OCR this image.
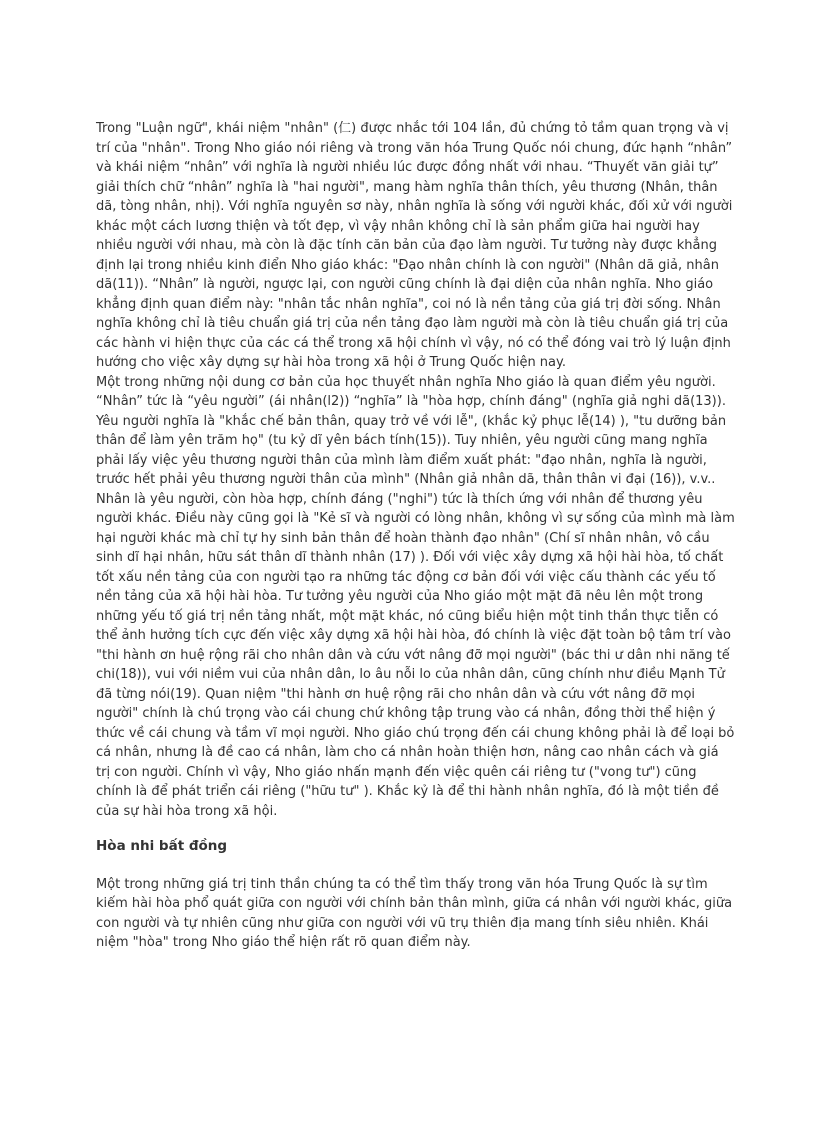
Trong "Luận ngữ", khái niệm "nhân" (仁) được nhắc tới 104 lần, đủ chứng tỏ tầm quan trọng và vị trí của "nhân". Trong Nho giáo nói riêng và trong văn hóa Trung Quốc nói chung, đức hạnh “nhân” và khái niệm “nhân” với nghĩa là người nhiều lúc được đồng nhất với nhau. “Thuyết văn giải tự” giải thích chữ “nhân” nghĩa là "hai người", mang hàm nghĩa thân thích, yêu thương (Nhân, thân dã, tòng nhân, nhị). Với nghĩa nguyên sơ này, nhân nghĩa là sống với người khác, đối xử với người khác một cách lương thiện và tốt đẹp, vì vậy nhân không chỉ là sản phẩm giữa hai người hay nhiều người với nhau, mà còn là đặc tính căn bản của đạo làm người. Tư tưởng này được khẳng định lại trong nhiều kinh điển Nho giáo khác: "Đạo nhân chính là con người" (Nhân dã giả, nhân dã(11)). “Nhân” là người, ngược lại, con người cũng chính là đại diện của nhân nghĩa. Nho giáo khẳng định quan điểm này: "nhân tắc nhân nghĩa", coi nó là nền tảng của giá trị đời sống. Nhân nghĩa không chỉ là tiêu chuẩn giá trị của nền tảng đạo làm người mà còn là tiêu chuẩn giá trị của các hành vi hiện thực của các cá thể trong xã hội chính vì vậy, nó có thể đóng vai trò lý luận định hướng cho việc xây dựng sự hài hòa trong xã hội ở Trung Quốc hiện nay.

Một trong những nội dung cơ bản của học thuyết nhân nghĩa Nho giáo là quan điểm yêu người. “Nhân” tức là “yêu người” (ái nhân(l2)) “nghĩa” là "hòa hợp, chính đáng" (nghĩa giả nghi dã(13)). Yêu người nghĩa là "khắc chế bản thân, quay trở về với lễ", (khắc kỷ phục lễ(14) ), "tu dưỡng bản thân để làm yên trăm họ" (tu kỷ dĩ yên bách tính(15)). Tuy nhiên, yêu người cũng mang nghĩa phải lấy việc yêu thương người thân của mình làm điểm xuất phát: "đạo nhân, nghĩa là người, trước hết phải yêu thương người thân của mình" (Nhân giả nhân dã, thân thân vi đại (16)), v.v.. Nhân là yêu người, còn hòa hợp, chính đáng ("nghi") tức là thích ứng với nhân để thương yêu người khác. Điều này cũng gọi là "Kẻ sĩ và người có lòng nhân, không vì sự sống của mình mà làm hại người khác mà chỉ tự hy sinh bản thân để hoàn thành đạo nhân" (Chí sĩ nhân nhân, vô cầu sinh dĩ hại nhân, hữu sát thân dĩ thành nhân (17) ). Đối với việc xây dựng xã hội hài hòa, tố chất tốt xấu nền tảng của con người tạo ra những tác động cơ bản đối với việc cấu thành các yếu tố nền tảng của xã hội hài hòa. Tư tưởng yêu người của Nho giáo một mặt đã nêu lên một trong những yếu tố giá trị nền tảng nhất, một mặt khác, nó cũng biểu hiện một tinh thần thực tiễn có thể ảnh hưởng tích cực đến việc xây dựng xã hội hài hòa, đó chính là việc đặt toàn bộ tâm trí vào "thi hành ơn huệ rộng rãi cho nhân dân và cứu vớt nâng đỡ mọi người" (bác thi ư dân nhi năng tế chi(18)), vui với niềm vui của nhân dân, lo âu nỗi lo của nhân dân, cũng chính như điều Mạnh Tử đã từng nói(19). Quan niệm "thi hành ơn huệ rộng rãi cho nhân dân và cứu vớt nâng đỡ mọi người" chính là chú trọng vào cái chung chứ không tập trung vào cá nhân, đồng thời thể hiện ý thức về cái chung và tầm vĩ mọi người. Nho giáo chú trọng đến cái chung không phải là để loại bỏ cá nhân, nhưng là đề cao cá nhân, làm cho cá nhân hoàn thiện hơn, nâng cao nhân cách và giá trị con người. Chính vì vậy, Nho giáo nhấn mạnh đến việc quên cái riêng tư ("vong tư") cũng chính là để phát triển cái riêng ("hữu tư" ). Khắc kỷ là để thi hành nhân nghĩa, đó là một tiền đề của sự hài hòa trong xã hội.

Hòa nhi bất đồng

Một trong những giá trị tinh thần chúng ta có thể tìm thấy trong văn hóa Trung Quốc là sự tìm kiếm hài hòa phổ quát giữa con người với chính bản thân mình, giữa cá nhân với người khác, giữa con người và tự nhiên cũng như giữa con người với vũ trụ thiên địa mang tính siêu nhiên. Khái niệm "hòa" trong Nho giáo thể hiện rất rõ quan điểm này.
